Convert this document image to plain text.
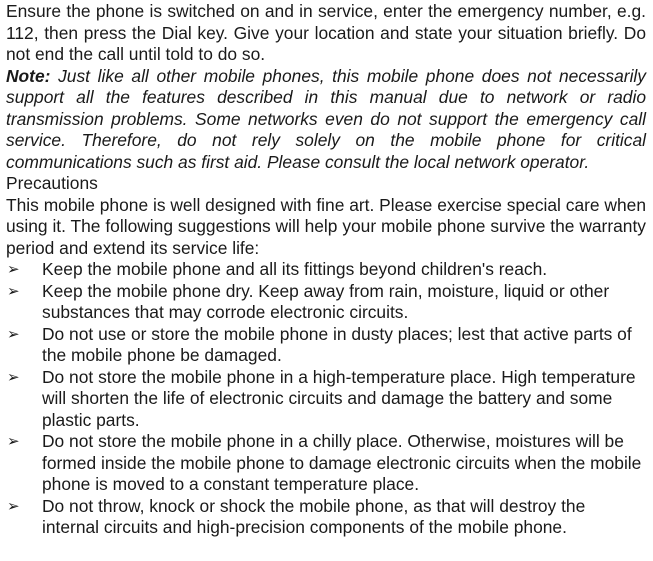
Ensure the phone is switched on and in service, enter the emergency number, e.g. 112, then press the Dial key. Give your location and state your situation briefly. Do not end the call until told to do so.

Note: Just like all other mobile phones, this mobile phone does not necessarily support all the features described in this manual due to network or radio transmission problems. Some networks even do not support the emergency call service. Therefore, do not rely solely on the mobile phone for critical communications such as first aid. Please consult the local network operator.

Precautions

This mobile phone is well designed with fine art. Please exercise special care when using it. The following suggestions will help your mobile phone survive the warranty period and extend its service life:

➢ Keep the mobile phone and all its fittings beyond children's reach.
➢ Keep the mobile phone dry. Keep away from rain, moisture, liquid or other substances that may corrode electronic circuits.
➢ Do not use or store the mobile phone in dusty places; lest that active parts of the mobile phone be damaged.
➢ Do not store the mobile phone in a high-temperature place. High temperature will shorten the life of electronic circuits and damage the battery and some plastic parts.
➢ Do not store the mobile phone in a chilly place. Otherwise, moistures will be formed inside the mobile phone to damage electronic circuits when the mobile phone is moved to a constant temperature place.
➢ Do not throw, knock or shock the mobile phone, as that will destroy the internal circuits and high-precision components of the mobile phone.
